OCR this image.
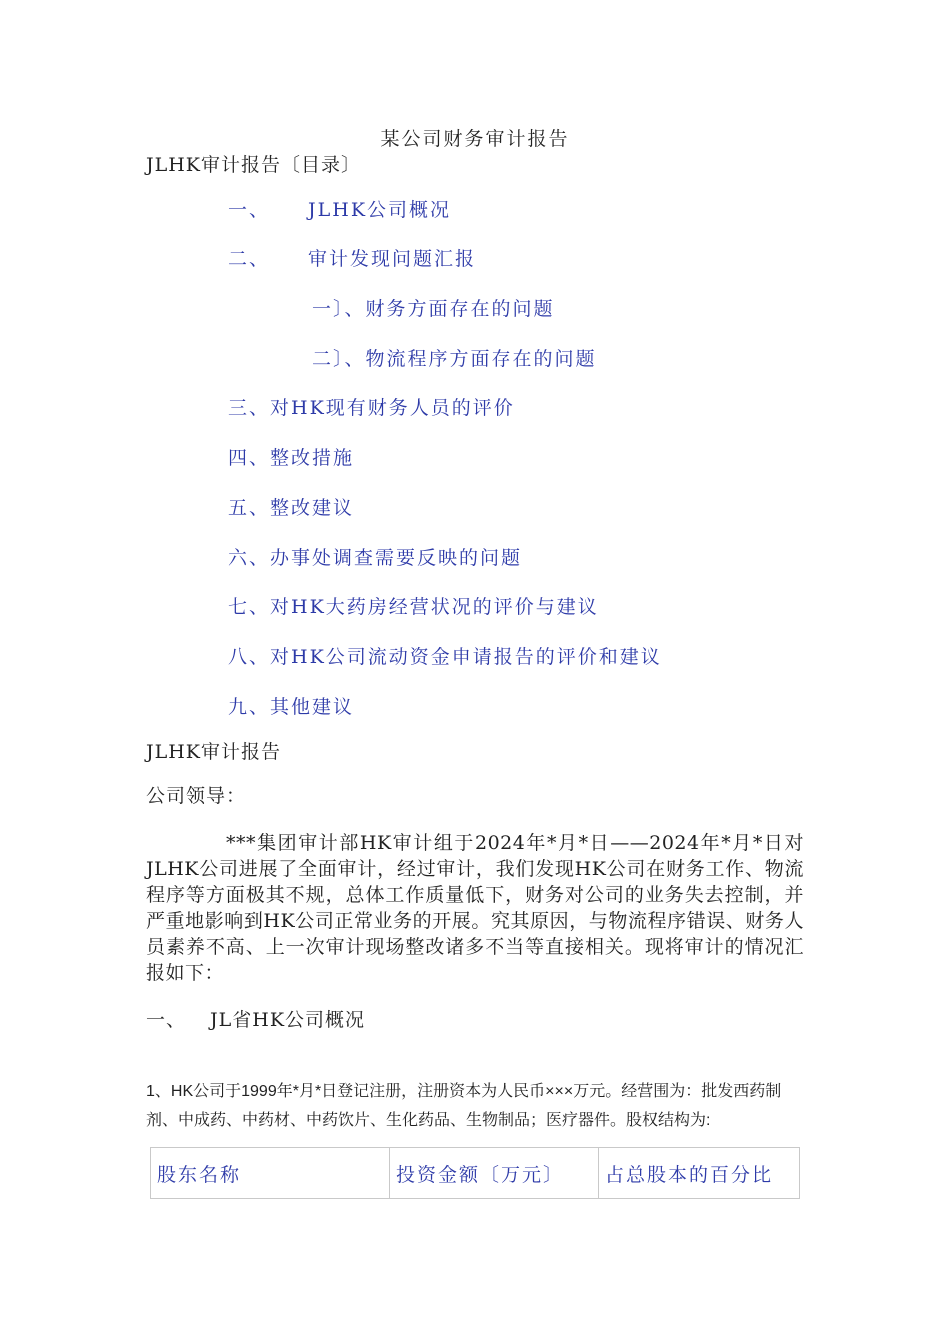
某公司财务审计报告
JLHK审计报告〔目录〕
一、 JLHK公司概况
二、 审计发现问题汇报
一〕、财务方面存在的问题
二〕、物流程序方面存在的问题
三、对HK现有财务人员的评价
四、整改措施
五、整改建议
六、办事处调查需要反映的问题
七、对HK大药房经营状况的评价与建议
八、对HK公司流动资金申请报告的评价和建议
九、其他建议
JLHK审计报告
公司领导：
***集团审计部HK审计组于2024年*月*日——2024年*月*日对JLHK公司进展了全面审计，经过审计，我们发现HK公司在财务工作、物流程序等方面极其不规，总体工作质量低下，财务对公司的业务失去控制，并严重地影响到HK公司正常业务的开展。究其原因，与物流程序错误、财务人员素养不高、上一次审计现场整改诸多不当等直接相关。现将审计的情况汇报如下：
一、 JL省HK公司概况
1、HK公司于1999年*月*日登记注册，注册资本为人民币×××万元。经营围为：批发西药制剂、中成药、中药材、中药饮片、生化药品、生物制品；医疗器件。股权结构为:
股东名称	投资金额〔万元〕	占总股本的百分比
